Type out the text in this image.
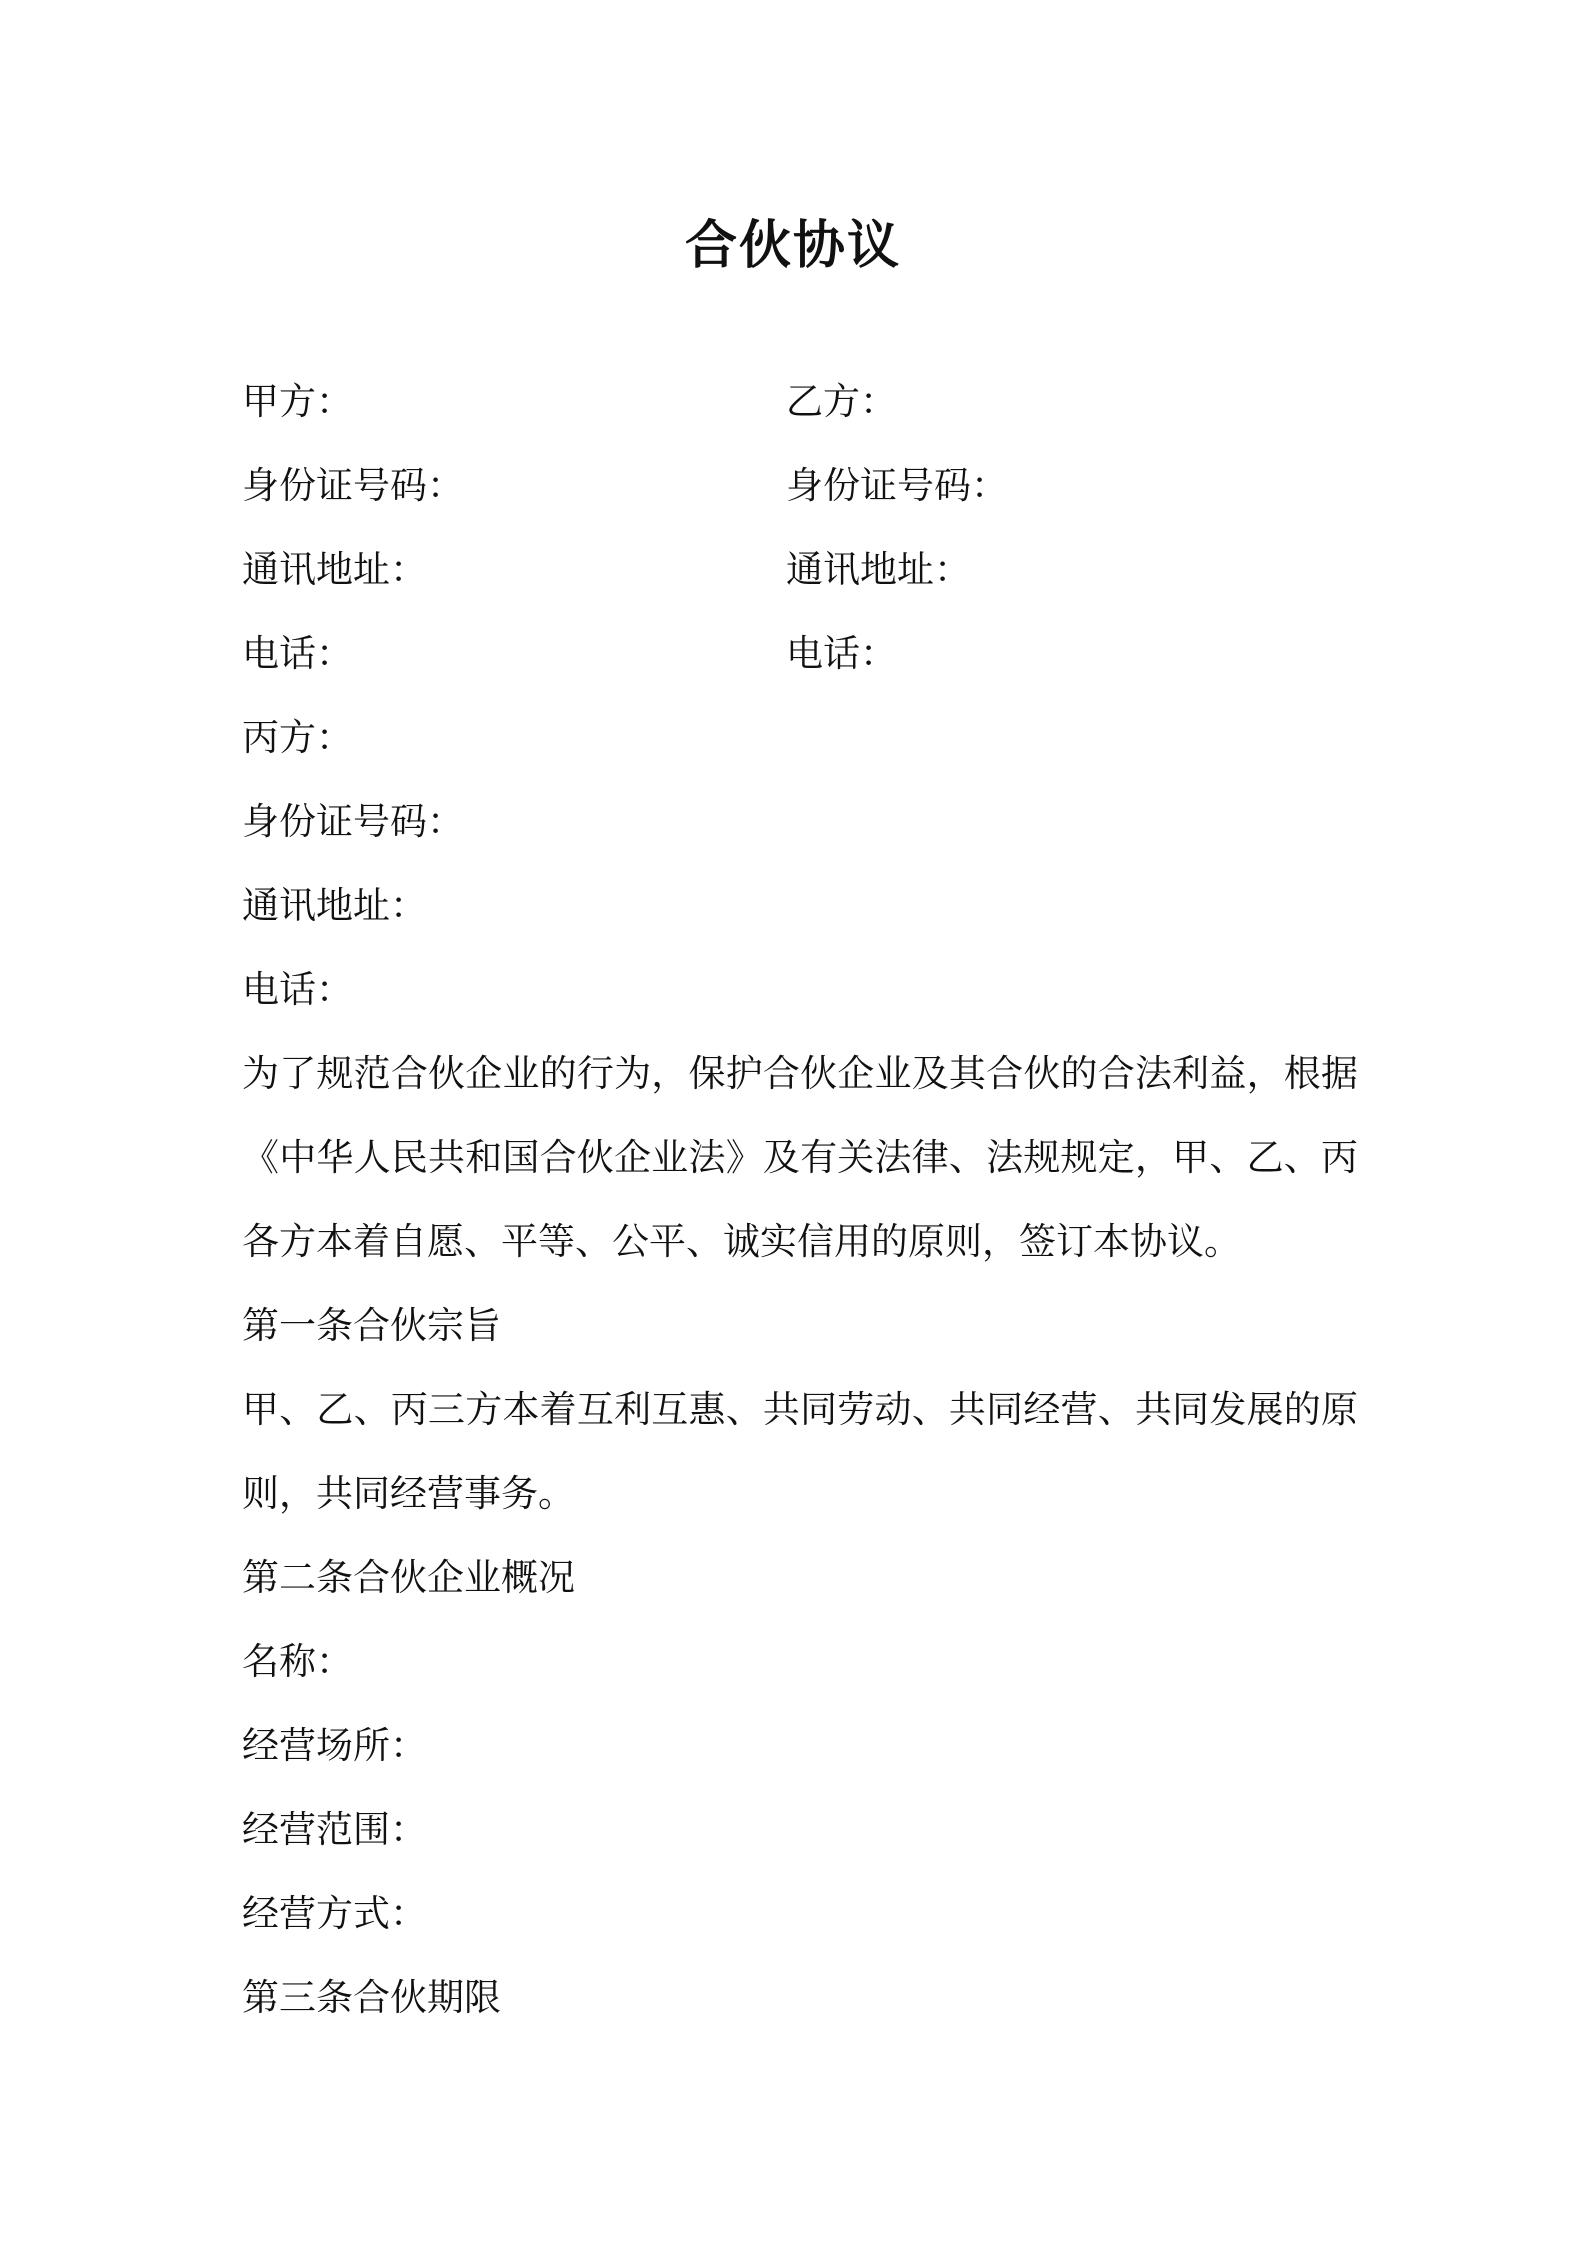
合伙协议
甲方：	乙方：
身份证号码：	身份证号码：
通讯地址：	通讯地址：
电话：	电话：
丙方：
身份证号码：
通讯地址：
电话：
为了规范合伙企业的行为，保护合伙企业及其合伙的合法利益，根据《中华人民共和国合伙企业法》及有关法律、法规规定，甲、乙、丙各方本着自愿、平等、公平、诚实信用的原则，签订本协议。
第一条合伙宗旨
甲、乙、丙三方本着互利互惠、共同劳动、共同经营、共同发展的原则，共同经营事务。
第二条合伙企业概况
名称：
经营场所：
经营范围：
经营方式：
第三条合伙期限
